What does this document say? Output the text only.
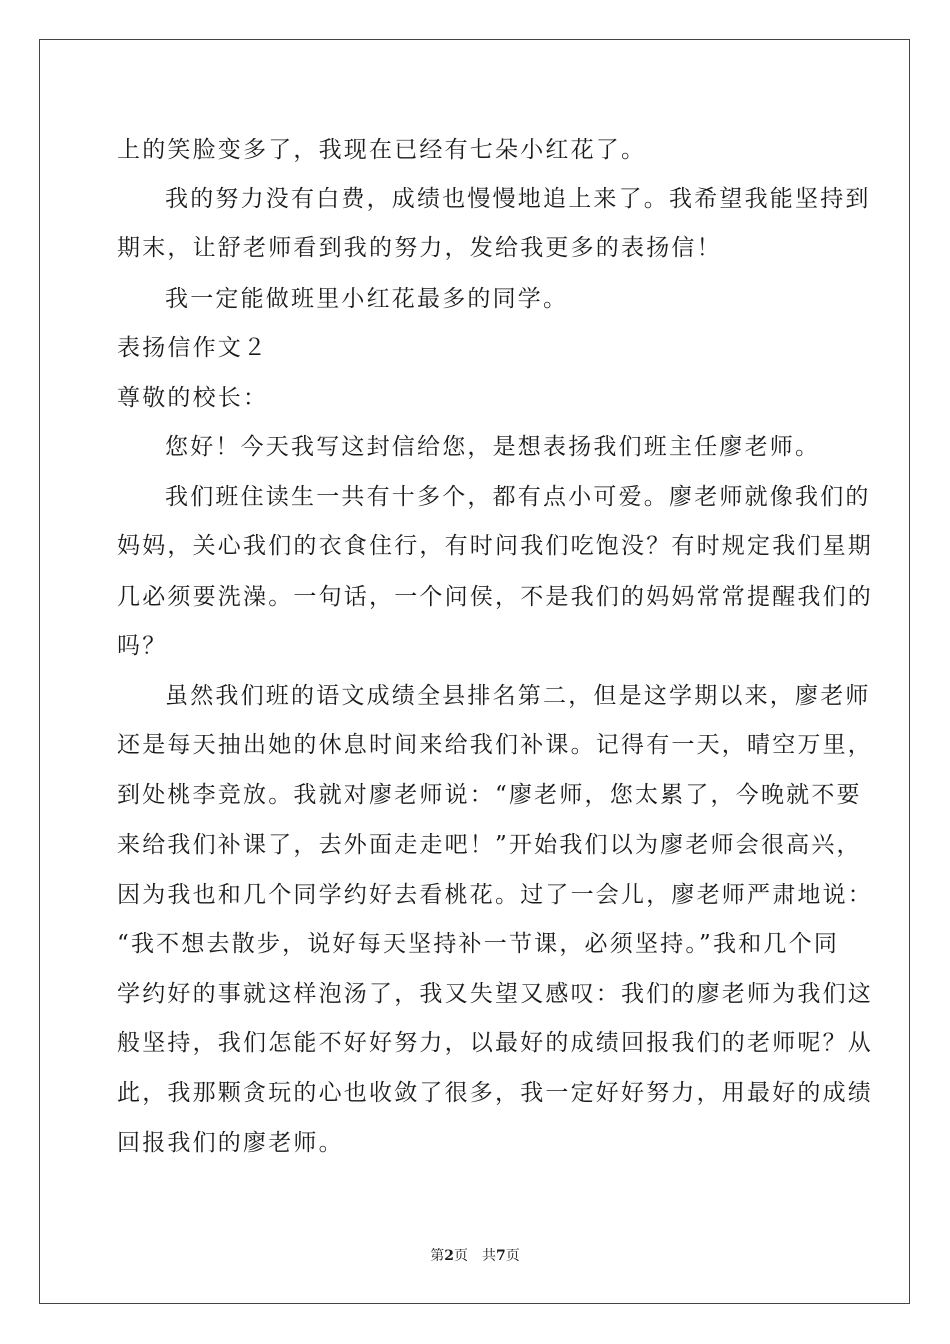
上的笑脸变多了，我现在已经有七朵小红花了。
我的努力没有白费，成绩也慢慢地追上来了。我希望我能坚持到
期末，让舒老师看到我的努力，发给我更多的表扬信！
我一定能做班里小红花最多的同学。
表扬信作文２
尊敬的校长：
您好！今天我写这封信给您，是想表扬我们班主任廖老师。
我们班住读生一共有十多个，都有点小可爱。廖老师就像我们的
妈妈，关心我们的衣食住行，有时问我们吃饱没？有时规定我们星期
几必须要洗澡。一句话，一个问侯，不是我们的妈妈常常提醒我们的
吗？
虽然我们班的语文成绩全县排名第二，但是这学期以来，廖老师
还是每天抽出她的休息时间来给我们补课。记得有一天，晴空万里，
到处桃李竞放。我就对廖老师说：“廖老师，您太累了，今晚就不要
来给我们补课了，去外面走走吧！”开始我们以为廖老师会很高兴，
因为我也和几个同学约好去看桃花。过了一会儿，廖老师严肃地说：
“我不想去散步，说好每天坚持补一节课，必须坚持。”我和几个同
学约好的事就这样泡汤了，我又失望又感叹：我们的廖老师为我们这
般坚持，我们怎能不好好努力，以最好的成绩回报我们的老师呢？从
此，我那颗贪玩的心也收敛了很多，我一定好好努力，用最好的成绩
回报我们的廖老师。
第2页 共7页
